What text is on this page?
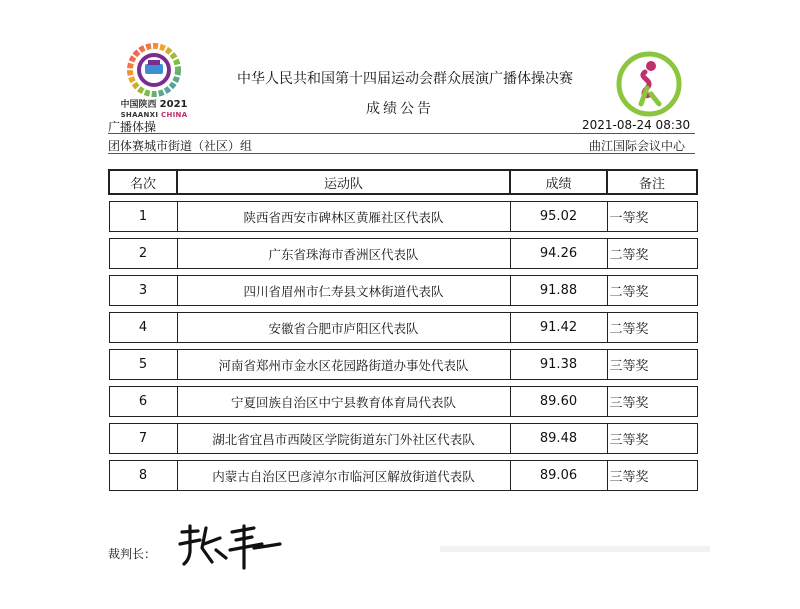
中国陕西 2021
SHAANXI CHINA
中华人民共和国第十四届运动会群众展演广播体操决赛
成绩公告
广播体操	2021-08-24 08:30
团体赛城市街道（社区）组	曲江国际会议中心
名次	运动队	成绩	备注

1	陕西省西安市碑林区黄雁社区代表队	95.02	一等奖

2	广东省珠海市香洲区代表队	94.26	二等奖

3	四川省眉州市仁寿县文林街道代表队	91.88	二等奖

4	安徽省合肥市庐阳区代表队	91.42	二等奖

5	河南省郑州市金水区花园路街道办事处代表队	91.38	三等奖

6	宁夏回族自治区中宁县教育体育局代表队	89.60	三等奖

7	湖北省宜昌市西陵区学院街道东门外社区代表队	89.48	三等奖

8	内蒙古自治区巴彦淖尔市临河区解放街道代表队	89.06	三等奖
裁判长：
